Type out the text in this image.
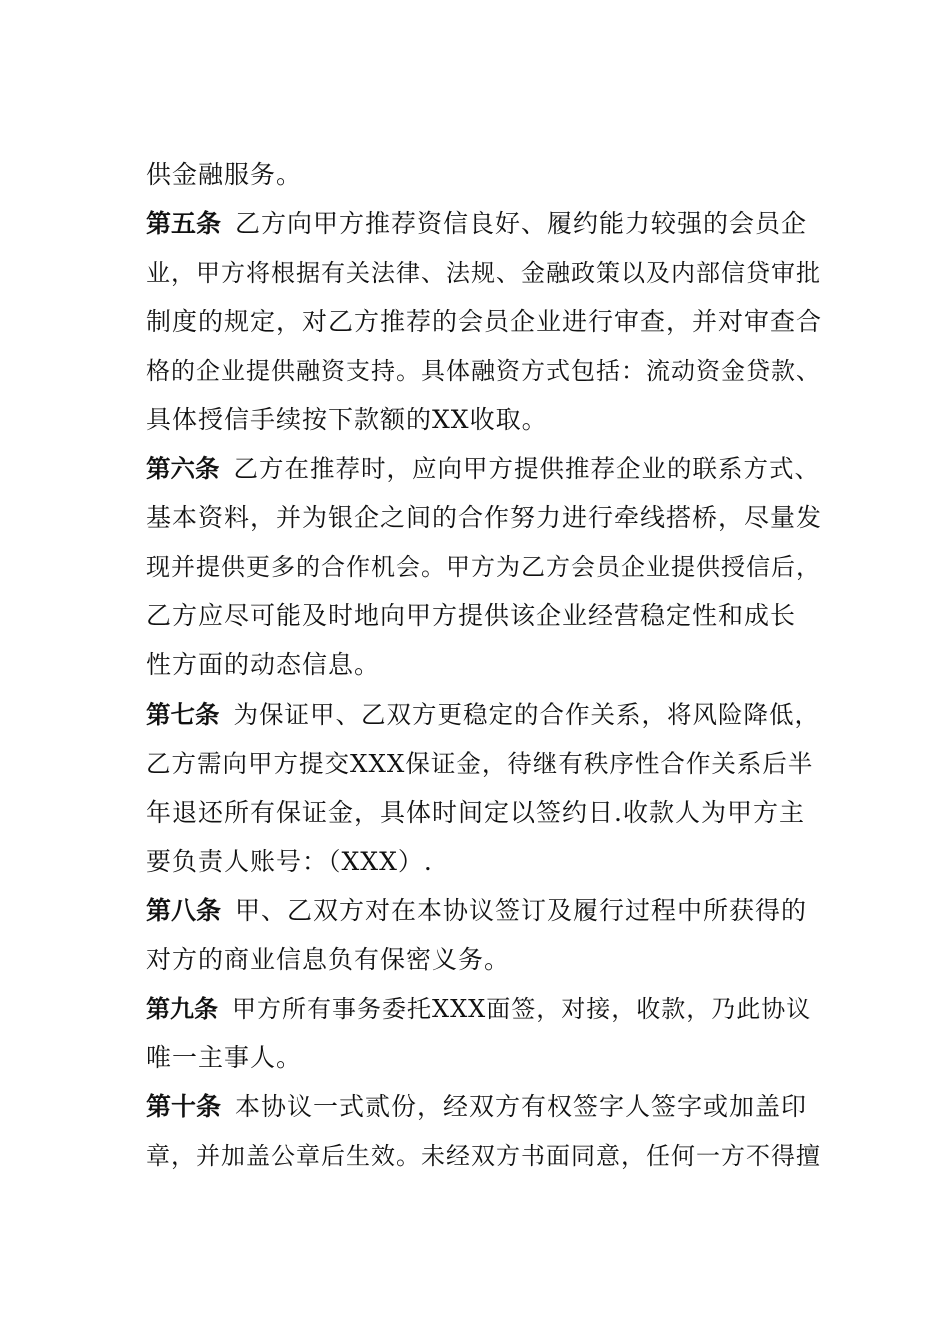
供金融服务。
第五条 乙方向甲方推荐资信良好、履约能力较强的会员企
业，甲方将根据有关法律、法规、金融政策以及内部信贷审批
制度的规定，对乙方推荐的会员企业进行审查，并对审查合
格的企业提供融资支持。具体融资方式包括：流动资金贷款、
具体授信手续按下款额的XX收取。
第六条 乙方在推荐时，应向甲方提供推荐企业的联系方式、
基本资料，并为银企之间的合作努力进行牵线搭桥，尽量发
现并提供更多的合作机会。甲方为乙方会员企业提供授信后，
乙方应尽可能及时地向甲方提供该企业经营稳定性和成长
性方面的动态信息。
第七条 为保证甲、乙双方更稳定的合作关系，将风险降低，
乙方需向甲方提交XXX保证金，待继有秩序性合作关系后半
年退还所有保证金，具体时间定以签约日.收款人为甲方主
要负责人账号：（XXX）.
第八条 甲、乙双方对在本协议签订及履行过程中所获得的
对方的商业信息负有保密义务。
第九条 甲方所有事务委托XXX面签，对接，收款，乃此协议
唯一主事人。
第十条 本协议一式贰份，经双方有权签字人签字或加盖印
章，并加盖公章后生效。未经双方书面同意，任何一方不得擅
